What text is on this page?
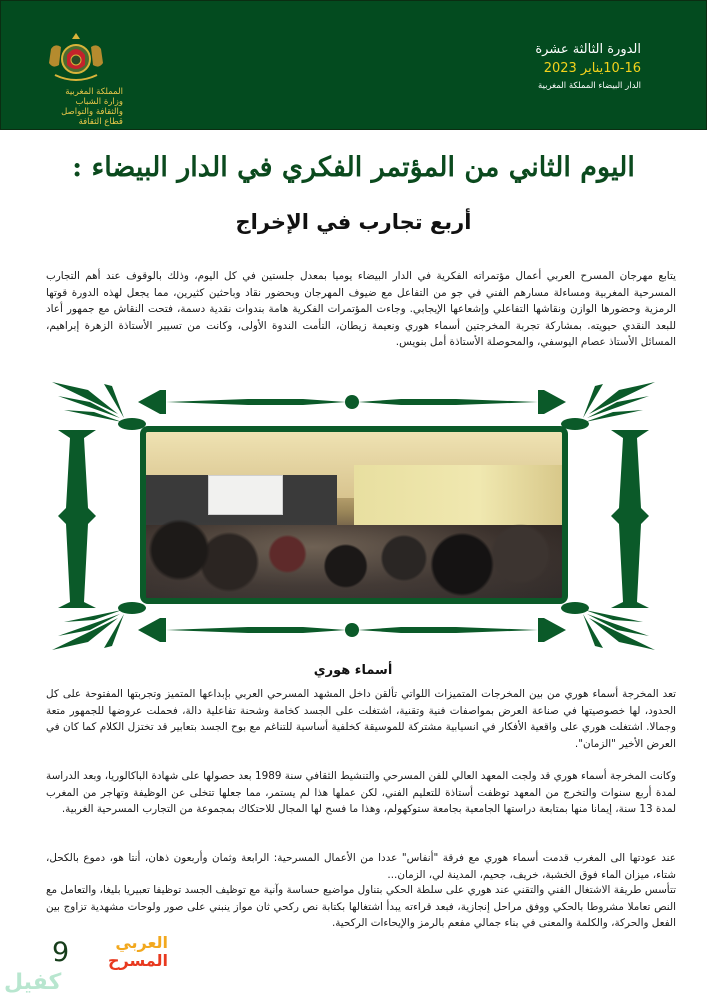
المملكة المغربية
وزارة الشباب
والثقافة والتواصل
قطاع الثقافة
الدورة الثالثة عشرة
10-16يناير 2023
الدار البيضاء المملكة المغربية
اليوم الثاني من المؤتمر الفكري في الدار البيضاء :
أربع تجارب في الإخراج

يتابع مهرجان المسرح العربي أعمال مؤتمراته الفكرية في الدار البيضاء يوميا بمعدل جلستين في كل اليوم، وذلك بالوقوف عند أهم التجارب المسرحية المغربية ومساءلة مسارهم الفني في جو من التفاعل مع ضيوف المهرجان وبحضور نقاد وباحثين كثيرين، مما يجعل لهذه الدورة قوتها الرمزية وحضورها الوازن ونقاشها التفاعلي وإشعاعها الإيجابي. وجاءت المؤتمرات الفكرية هامة بندوات نقدية دسمة، فتحت النقاش مع جمهور أعاد للبعد النقدي حيويته. بمشاركة تجربة المخرجتين أسماء هوري ونعيمة زيطان، التأمت الندوة الأولى، وكانت من تسيير الأستاذة الزهرة إبراهيم، المسائل الأستاذ عصام اليوسفي، والمحوصلة الأستاذة أمل بنويس.

أسماء هوري

تعد المخرجة أسماء هوري من بين المخرجات المتميزات اللواتي تألقن داخل المشهد المسرحي العربي بإبداعها المتميز وتجربتها المفتوحة على كل الحدود، لها خصوصيتها في صناعة العرض بمواصفات فنية وتقنية، اشتغلت على الجسد كخامة وشحنة تفاعلية دالة، فحملت عروضها للجمهور متعة وجمالا. اشتغلت هوري على واقعية الأفكار في انسيابية مشتركة للموسيقة كخلفية أساسية للتناغم مع بوح الجسد بتعابير قد تختزل الكلام كما كان في العرض الأخير "الزمان".

وكانت المخرجة أسماء هوري قد ولجت المعهد العالي للفن المسرحي والتنشيط الثقافي سنة 1989 بعد حصولها على شهادة الباكالوريا، وبعد الدراسة لمدة أربع سنوات والتخرج من المعهد توظفت أستاذة للتعليم الفني، لكن عملها هذا لم يستمر، مما جعلها تتخلى عن الوظيفة وتهاجر من المغرب لمدة 13 سنة، إيمانا منها بمتابعة دراستها الجامعية بجامعة ستوكهولم، وهذا ما فسح لها المجال للاحتكاك بمجموعة من التجارب المسرحية الغربية.

عند عودتها الى المغرب قدمت أسماء هوري مع فرقة "أنفاس" عددا من الأعمال المسرحية: الرابعة وثمان وأربعون ذهان، أنتا هو، دموع بالكحل، شتاء، ميزان الماء فوق الخشبة، خريف، جحيم، المدينة لي، الزمان...

تتأسس طريقة الاشتغال الفني والتقني عند هوري على سلطة الحكي بتناول مواضيع حساسة وآنية مع توظيف الجسد توظيفا تعبيريا بليغا، والتعامل مع النص تعاملا مشروطا بالحكي ووفق مراحل إنجازية، فبعد قراءته يبدأ اشتغالها بكتابة نص ركحي ثان مواز ينبني على صور ولوحات مشهدية تزاوج بين الفعل والحركة، والكلمة والمعنى في بناء جمالي مفعم بالرمز والإيحاءات الركحية.

9	العربي
المسرح
كفيل
